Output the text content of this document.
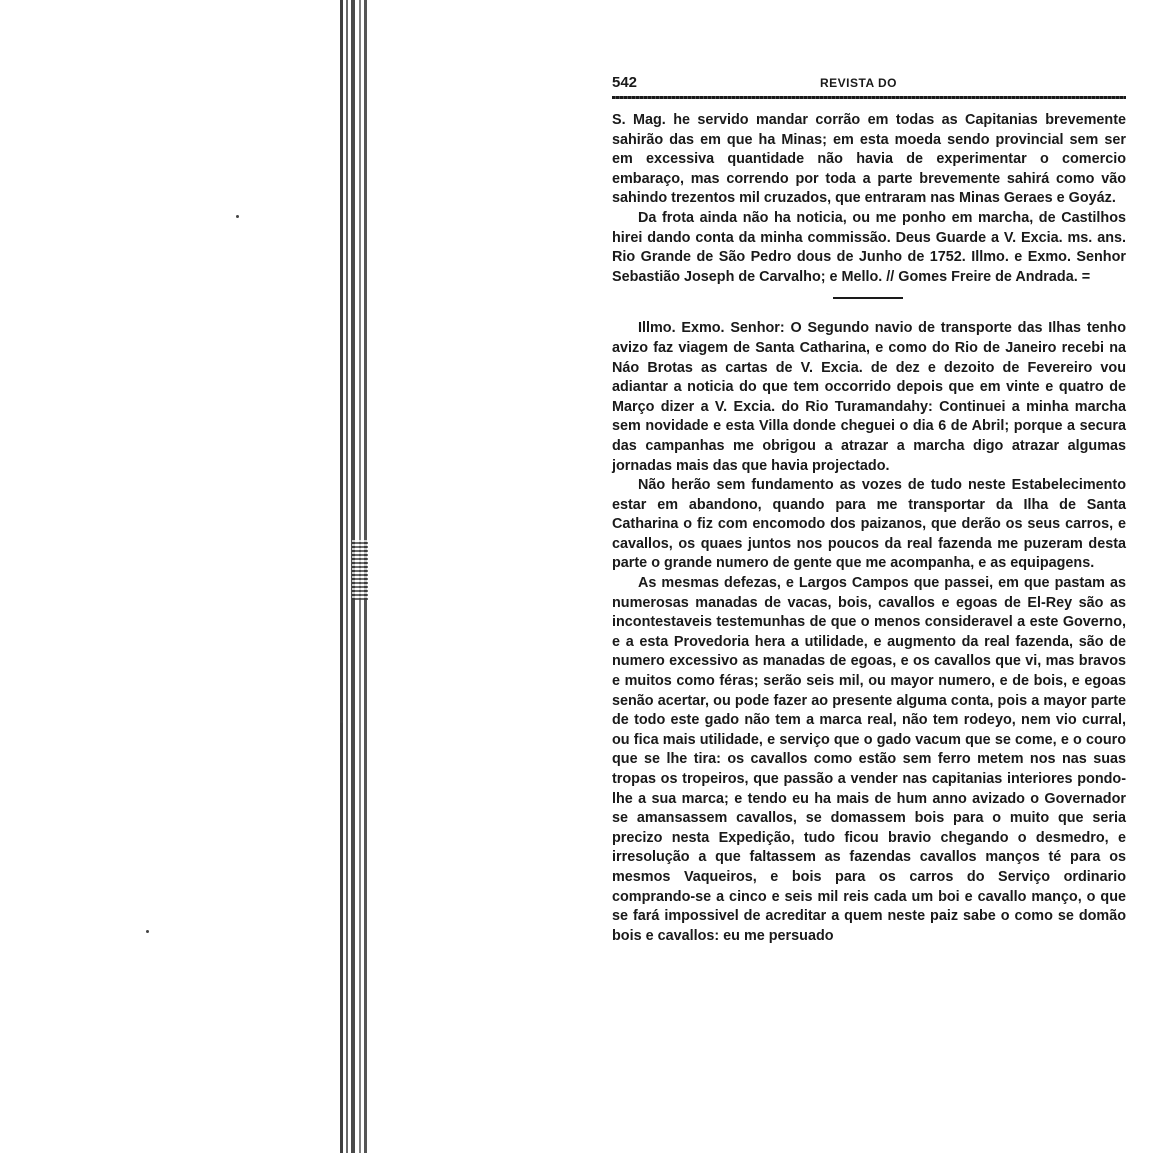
542	REVISTA DO

S. Mag. he servido mandar corrão em todas as Capitanias brevemente sahirão das em que ha Minas; em esta moeda sendo provincial sem ser em excessiva quantidade não havia de experimentar o comercio embaraço, mas correndo por toda a parte brevemente sahirá como vão sahindo trezentos mil cruzados, que entraram nas Minas Geraes e Goyáz.

Da frota ainda não ha noticia, ou me ponho em marcha, de Castilhos hirei dando conta da minha commissão. Deus Guarde a V. Excia. ms. ans. Rio Grande de São Pedro dous de Junho de 1752. Illmo. e Exmo. Senhor Sebastião Joseph de Carvalho; e Mello. // Gomes Freire de Andrada. =

Illmo. Exmo. Senhor: O Segundo navio de transporte das Ilhas tenho avizo faz viagem de Santa Catharina, e como do Rio de Janeiro recebi na Náo Brotas as cartas de V. Excia. de dez e dezoito de Fevereiro vou adiantar a noticia do que tem occorrido depois que em vinte e quatro de Março dizer a V. Excia. do Rio Turamandahy: Continuei a minha marcha sem novidade e esta Villa donde cheguei o dia 6 de Abril; porque a secura das campanhas me obrigou a atrazar a marcha digo atrazar algumas jornadas mais das que havia projectado.

Não herão sem fundamento as vozes de tudo neste Estabelecimento estar em abandono, quando para me transportar da Ilha de Santa Catharina o fiz com encomodo dos paizanos, que derão os seus carros, e cavallos, os quaes juntos nos poucos da real fazenda me puzeram desta parte o grande numero de gente que me acompanha, e as equipagens.

As mesmas defezas, e Largos Campos que passei, em que pastam as numerosas manadas de vacas, bois, cavallos e egoas de El-Rey são as incontestaveis testemunhas de que o menos consideravel a este Governo, e a esta Provedoria hera a utilidade, e augmento da real fazenda, são de numero excessivo as manadas de egoas, e os cavallos que vi, mas bravos e muitos como féras; serão seis mil, ou mayor numero, e de bois, e egoas senão acertar, ou pode fazer ao presente alguma conta, pois a mayor parte de todo este gado não tem a marca real, não tem rodeyo, nem vio curral, ou fica mais utilidade, e serviço que o gado vacum que se come, e o couro que se lhe tira: os cavallos como estão sem ferro metem nos nas suas tropas os tropeiros, que passão a vender nas capitanias interiores pondo-lhe a sua marca; e tendo eu ha mais de hum anno avizado o Governador se amansassem cavallos, se domassem bois para o muito que seria precizo nesta Expedição, tudo ficou bravio chegando o desmedro, e irresolução a que faltassem as fazendas cavallos manços té para os mesmos Vaqueiros, e bois para os carros do Serviço ordinario comprando-se a cinco e seis mil reis cada um boi e cavallo manço, o que se fará impossivel de acreditar a quem neste paiz sabe o como se domão bois e cavallos: eu me persuado
